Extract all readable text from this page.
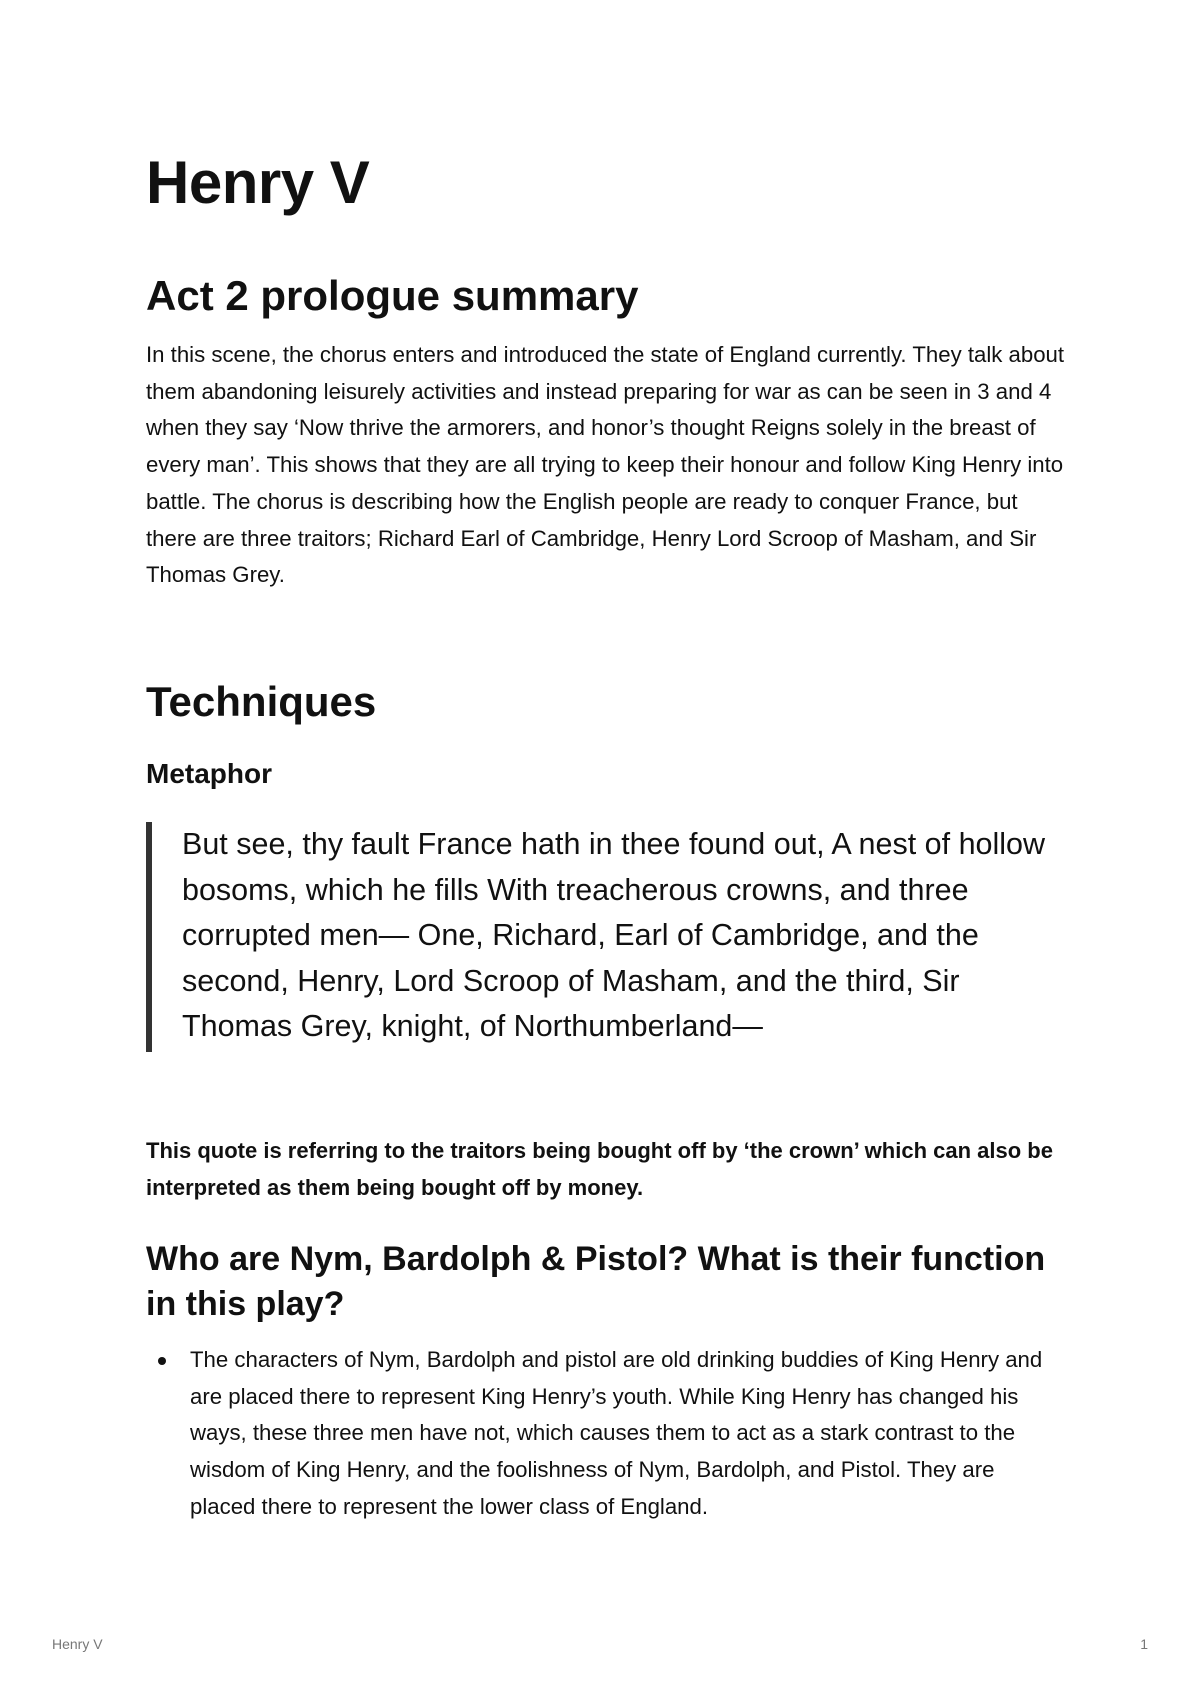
Henry V
Act 2 prologue summary

In this scene, the chorus enters and introduced the state of England currently. They talk about them abandoning leisurely activities and instead preparing for war as can be seen in 3 and 4 when they say ‘Now thrive the armorers, and honor’s thought Reigns solely in the breast of every man’. This shows that they are all trying to keep their honour and follow King Henry into battle. The chorus is describing how the English people are ready to conquer France, but there are three traitors; Richard Earl of Cambridge, Henry Lord Scroop of Masham, and Sir Thomas Grey.

Techniques
Metaphor
But see, thy fault France hath in thee found out, A nest of hollow bosoms, which he fills With treacherous crowns, and three corrupted men— One, Richard, Earl of Cambridge, and the second, Henry, Lord Scroop of Masham, and the third, Sir Thomas Grey, knight, of Northumberland—

This quote is referring to the traitors being bought off by ‘the crown’ which can also be interpreted as them being bought off by money.

Who are Nym, Bardolph & Pistol? What is their function in this play?
The characters of Nym, Bardolph and pistol are old drinking buddies of King Henry and are placed there to represent King Henry’s youth. While King Henry has changed his ways, these three men have not, which causes them to act as a stark contrast to the wisdom of King Henry, and the foolishness of Nym, Bardolph, and Pistol. They are placed there to represent the lower class of England.
Henry V	1
